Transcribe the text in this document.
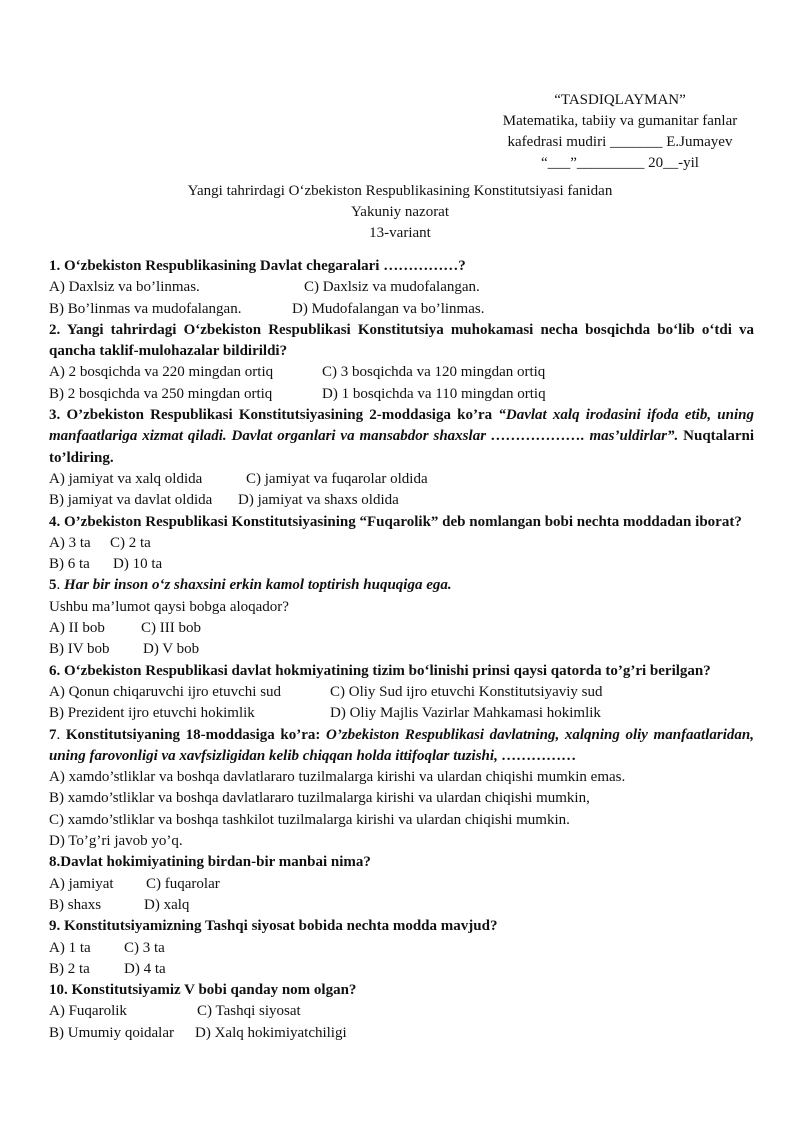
“TASDIQLAYMAN”
Matematika, tabiiy va gumanitar fanlar
kafedrasi mudiri _______ E.Jumayev
“___”_________ 20__-yil
Yangi tahrirdagi O‘zbekiston Respublikasining Konstitutsiyasi fanidan
Yakuniy nazorat
13-variant
1. O‘zbekiston Respublikasining Davlat chegaralari ……………?
A) Daxlsiz va bo’linmas.	C) Daxlsiz va mudofalangan.
B) Bo’linmas va mudofalangan.	D) Mudofalangan va bo’linmas.
2. Yangi tahrirdagi O‘zbekiston Respublikasi Konstitutsiya muhokamasi necha bosqichda bo‘lib o‘tdi va qancha taklif-mulohazalar bildirildi?
A) 2 bosqichda va 220 mingdan ortiq	C) 3 bosqichda va 120 mingdan ortiq
B) 2 bosqichda va 250 mingdan ortiq	D) 1 bosqichda va 110 mingdan ortiq
3. O’zbekiston Respublikasi Konstitutsiyasining 2-moddasiga ko’ra “Davlat xalq irodasini ifoda etib, uning manfaatlariga xizmat qiladi. Davlat organlari va mansabdor shaxslar ………………. mas’uldirlar”. Nuqtalarni to’ldiring.
A) jamiyat va xalq oldida	C) jamiyat va fuqarolar oldida
B) jamiyat va davlat oldida D) jamiyat va shaxs oldida
4. O’zbekiston Respublikasi Konstitutsiyasining “Fuqarolik” deb nomlangan bobi nechta moddadan iborat?
A) 3 ta C) 2 ta
B) 6 ta D) 10 ta
5. Har bir inson o‘z shaxsini erkin kamol toptirish huquqiga ega.
Ushbu ma’lumot qaysi bobga aloqador?
A) II bob C) III bob
B) IV bob D) V bob
6. O‘zbekiston Respublikasi davlat hokmiyatining tizim bo‘linishi prinsi qaysi qatorda to’g’ri berilgan?
A) Qonun chiqaruvchi ijro etuvchi sud	C) Oliy Sud ijro etuvchi Konstitutsiyaviy sud
B) Prezident ijro etuvchi hokimlik	D) Oliy Majlis Vazirlar Mahkamasi hokimlik
7. Konstitutsiyaning 18-moddasiga ko’ra: O’zbekiston Respublikasi davlatning, xalqning oliy manfaatlaridan, uning farovonligi va xavfsizligidan kelib chiqqan holda ittifoqlar tuzishi, ……………
A) xamdo’stliklar va boshqa davlatlararo tuzilmalarga kirishi va ulardan chiqishi mumkin emas.
B) xamdo’stliklar va boshqa davlatlararo tuzilmalarga kirishi va ulardan chiqishi mumkin,
C) xamdo’stliklar va boshqa tashkilot tuzilmalarga kirishi va ulardan chiqishi mumkin.
D) To’g’ri javob yo’q.
8.Davlat hokimiyatining birdan-bir manbai nima?
A) jamiyat C) fuqarolar
B) shaxs	D) xalq
9. Konstitutsiyamizning Tashqi siyosat bobida nechta modda mavjud?
A) 1 ta C) 3 ta
B) 2 ta D) 4 ta
10. Konstitutsiyamiz V bobi qanday nom olgan?
A) Fuqarolik	C) Tashqi siyosat
B) Umumiy qoidalar D) Xalq hokimiyatchiligi
